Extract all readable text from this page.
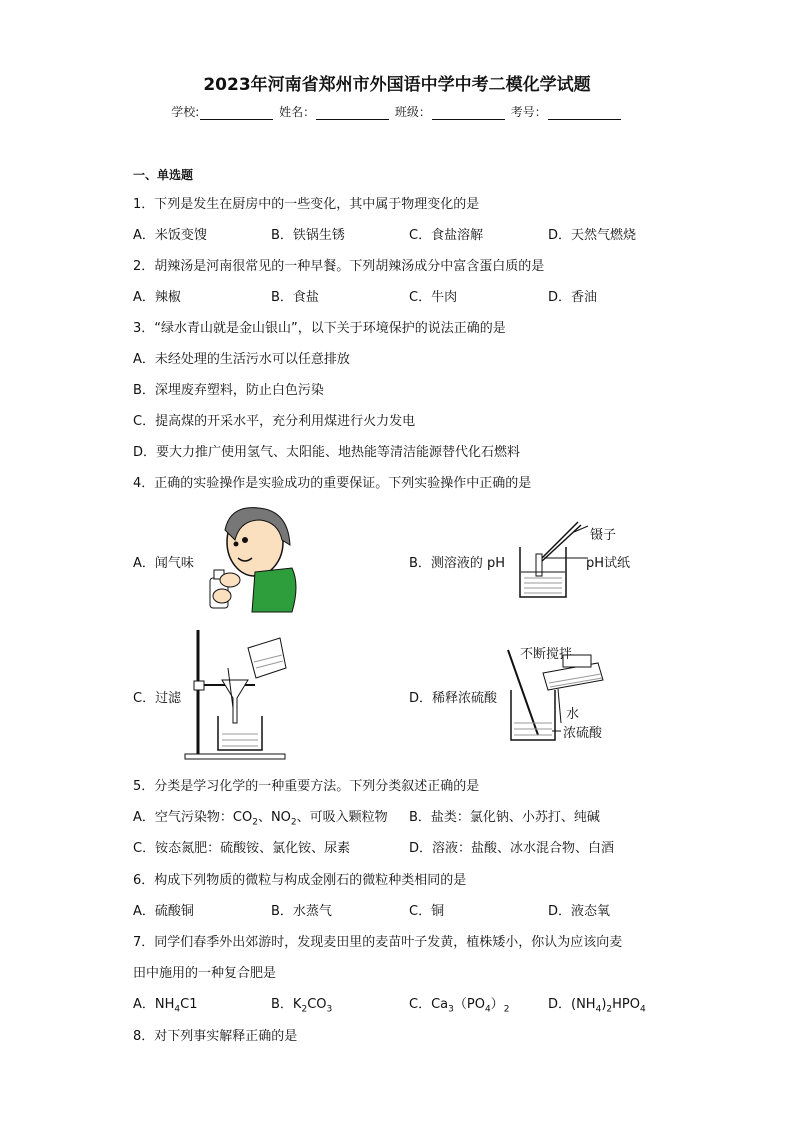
2023年河南省郑州市外国语中学中考二模化学试题
学校:	姓名：	班级：	考号：
一、单选题
1．下列是发生在厨房中的一些变化，其中属于物理变化的是
A．米饭变馊	B．铁锅生锈	C．食盐溶解	D．天然气燃烧
2．胡辣汤是河南很常见的一种早餐。下列胡辣汤成分中富含蛋白质的是
A．辣椒	B．食盐	C．牛肉	D．香油
3．“绿水青山就是金山银山”，以下关于环境保护的说法正确的是
A．未经处理的生活污水可以任意排放
B．深埋废弃塑料，防止白色污染
C．提高煤的开采水平，充分利用煤进行火力发电
D．要大力推广使用氢气、太阳能、地热能等清洁能源替代化石燃料
4．正确的实验操作是实验成功的重要保证。下列实验操作中正确的是
A．闻气味	B．测溶液的 pH
镊子
pH试纸
C．过滤	D．稀释浓硫酸
不断搅拌
水
浓硫酸
5．分类是学习化学的一种重要方法。下列分类叙述正确的是
A．空气污染物：$CO_2$、$NO_2$、可吸入颗粒物 B．盐类：氯化钠、小苏打、纯碱
C．铵态氮肥：硫酸铵、氯化铵、尿素	D．溶液：盐酸、冰水混合物、白酒
6．构成下列物质的微粒与构成金刚石的微粒种类相同的是
A．硫酸铜	B．水蒸气	C．铜	D．液态氧
7．同学们春季外出郊游时，发现麦田里的麦苗叶子发黄，植株矮小，你认为应该向麦
田中施用的一种复合肥是
A．$NH_4C1$	B．$K_2CO_3$	C．$Ca_3(PO_4)_2$	D．$(NH_4)_2HPO_4$
8．对下列事实解释正确的是
